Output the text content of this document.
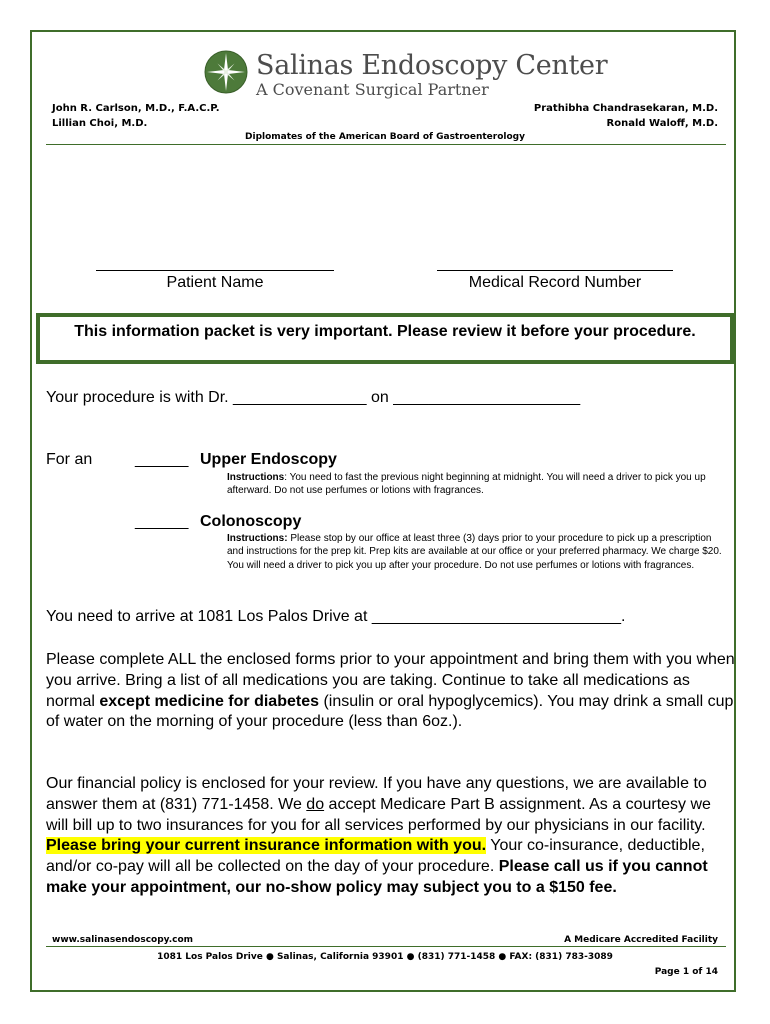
Salinas Endoscopy Center
A Covenant Surgical Partner
John R. Carlson, M.D., F.A.C.P.
Lillian Choi, M.D.
Prathibha Chandrasekaran, M.D.
Ronald Waloff, M.D.
Diplomates of the American Board of Gastroenterology
Patient Name	Medical Record Number
This information packet is very important. Please review it before your procedure.
Your procedure is with Dr. _______________ on _____________________
For an	______ Upper Endoscopy
Instructions: You need to fast the previous night beginning at midnight. You will need a driver to pick you up afterward. Do not use perfumes or lotions with fragrances.
______ Colonoscopy
Instructions: Please stop by our office at least three (3) days prior to your procedure to pick up a prescription and instructions for the prep kit. Prep kits are available at our office or your preferred pharmacy. We charge $20. You will need a driver to pick you up after your procedure. Do not use perfumes or lotions with fragrances.
You need to arrive at 1081 Los Palos Drive at ____________________________.
Please complete ALL the enclosed forms prior to your appointment and bring them with you when you arrive. Bring a list of all medications you are taking. Continue to take all medications as normal except medicine for diabetes (insulin or oral hypoglycemics). You may drink a small cup of water on the morning of your procedure (less than 6oz.).
Our financial policy is enclosed for your review. If you have any questions, we are available to answer them at (831) 771-1458. We do accept Medicare Part B assignment. As a courtesy we will bill up to two insurances for you for all services performed by our physicians in our facility. Please bring your current insurance information with you. Your co-insurance, deductible, and/or co-pay will all be collected on the day of your procedure. Please call us if you cannot make your appointment, our no-show policy may subject you to a $150 fee.
www.salinasendoscopy.com	A Medicare Accredited Facility
1081 Los Palos Drive ● Salinas, California 93901 ● (831) 771-1458 ● FAX: (831) 783-3089
Page 1 of 14
